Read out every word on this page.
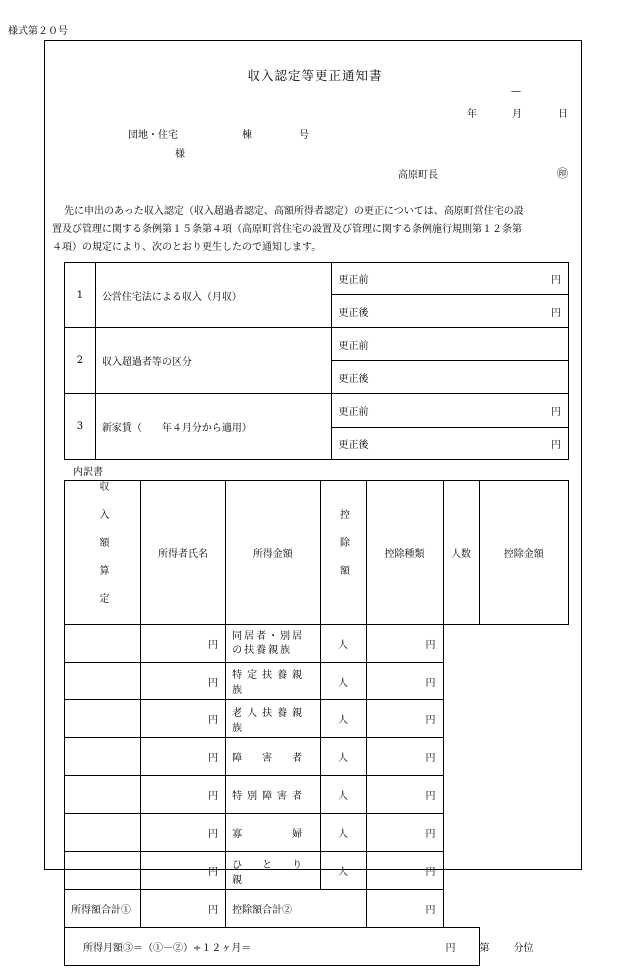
様式第２０号
収入認定等更正通知書
—
年	月	日
団地・住宅	棟	号
様
高原町長	㊞
先に申出のあった収入認定（収入超過者認定、高額所得者認定）の更正については、高原町営住宅の設
置及び管理に関する条例第１５条第４項（高原町営住宅の設置及び管理に関する条例施行規則第１２条第
４項）の規定により、次のとおり更生したので通知します。
1	公営住宅法による収入（月収）	更正前 円

		更正後 円

2	収入超過者等の区分	更正前
		更正後
3	新家賃（　　年４月分から適用）	更正前 円

		更正後 円
内訳書
収入額算定	所得者氏名	所得金額	控除額	控除種類	人数	控除金額
	円	同居者・別居の扶養親族	人	円		
	円	特定扶養親族	人	円		
	円	老人扶養親族	人	円		
	円	障　害　者	人	円		
	円	特別障害者	人	円		
	円	寡　　　婦	人	円		
	円	ひ　と　り　親	人	円		
所得額合計①	円	控除額合計②		円		
所得月額③＝（①－②）÷１２ヶ月＝ 円 第 分位						
